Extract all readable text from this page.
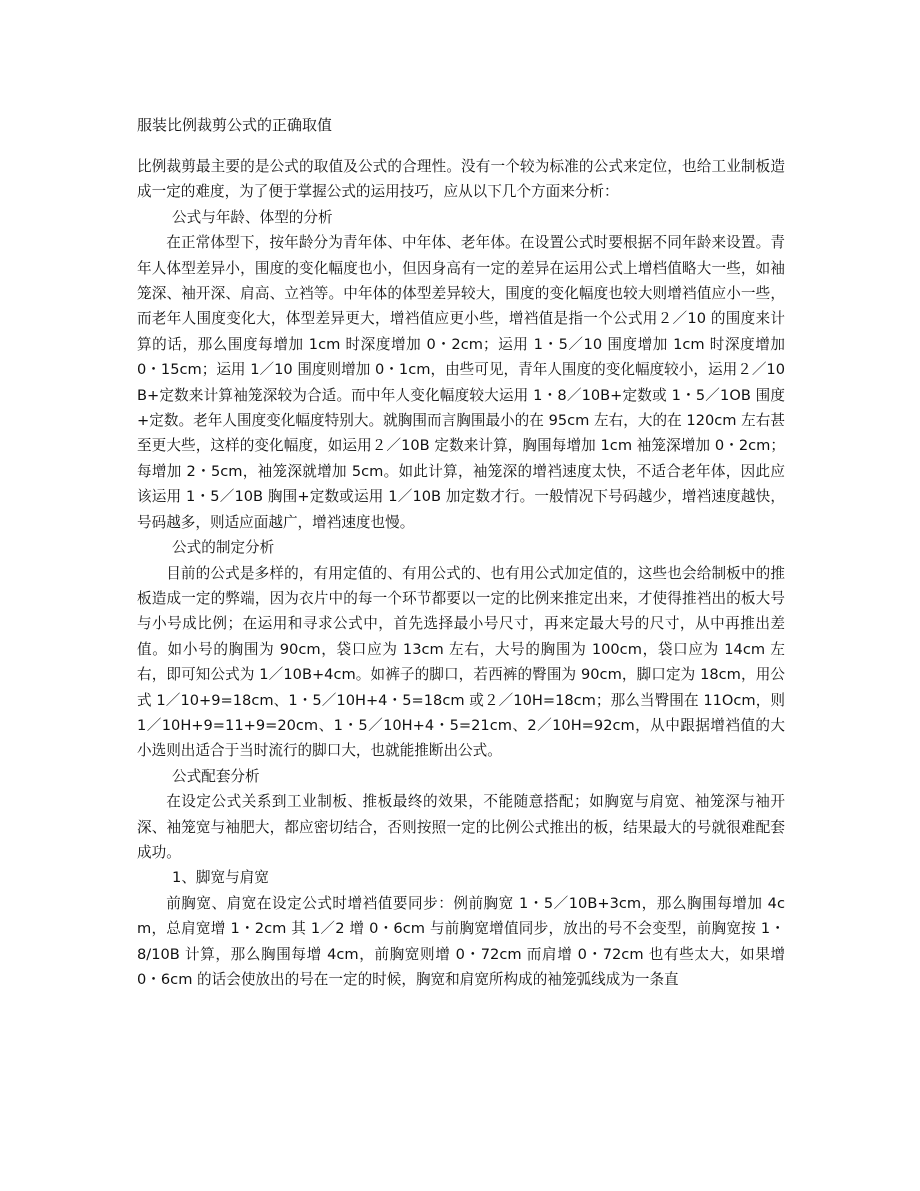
服装比例裁剪公式的正确取值

比例裁剪最主要的是公式的取值及公式的合理性。没有一个较为标准的公式来定位，也给工业制板造成一定的难度，为了便于掌握公式的运用技巧，应从以下几个方面来分析：

公式与年龄、体型的分析

在正常体型下，按年龄分为青年体、中年体、老年体。在设置公式时要根据不同年龄来设置。青年人体型差异小，围度的变化幅度也小，但因身高有一定的差异在运用公式上增档值略大一些，如袖笼深、袖开深、肩高、立裆等。中年体的体型差异较大，围度的变化幅度也较大则增裆值应小一些，而老年人围度变化大，体型差异更大，增裆值应更小些，增裆值是指一个公式用２／10 的围度来计算的话，那么围度每增加 1cm 时深度增加 0・2cm；运用 1・5／10 围度增加 1cm 时深度增加 0・15cm；运用 1／10 围度则增加 0・1cm，由些可见，青年人围度的变化幅度较小，运用２／10B+定数来计算袖笼深较为合适。而中年人变化幅度较大运用 1・8／10B+定数或 1・5／1OB 围度+定数。老年人围度变化幅度特别大。就胸围而言胸围最小的在 95cm 左右，大的在 120cm 左右甚至更大些，这样的变化幅度，如运用２／10B 定数来计算，胸围每增加 1cm 袖笼深增加 0・2cm；每增加 2・5cm，袖笼深就增加 5cm。如此计算，袖笼深的增裆速度太快，不适合老年体，因此应该运用 1・5／10B 胸围+定数或运用 1／10B 加定数才行。一般情况下号码越少，增裆速度越快，号码越多，则适应面越广，增裆速度也慢。

公式的制定分析

目前的公式是多样的，有用定值的、有用公式的、也有用公式加定值的，这些也会给制板中的推板造成一定的弊端，因为衣片中的每一个环节都要以一定的比例来推定出来，才使得推裆出的板大号与小号成比例；在运用和寻求公式中，首先选择最小号尺寸，再来定最大号的尺寸，从中再推出差值。如小号的胸围为 90cm，袋口应为 13cm 左右，大号的胸围为 100cm，袋口应为 14cm 左右，即可知公式为 1／10B+4cm。如裤子的脚口，若西裤的臀围为 90cm，脚口定为 18cm，用公式 1／10+9=18cm、1・5／10H+4・5=18cm 或２／10H=18cm；那么当臀围在 11Ocm，则 1／10H+9=11+9=20cm、1・5／10H+4・5=21cm、2／10H=92cm，从中跟据增裆值的大小选则出适合于当时流行的脚口大，也就能推断出公式。

公式配套分析

在设定公式关系到工业制板、推板最终的效果，不能随意搭配；如胸宽与肩宽、袖笼深与袖开深、袖笼宽与袖肥大，都应密切结合，否则按照一定的比例公式推出的板，结果最大的号就很难配套成功。

1、脚宽与肩宽

前胸宽、肩宽在设定公式时增裆值要同步：例前胸宽 1・5／10B+3cm，那么胸围每增加 4cm，总肩宽增 1・2cm 其 1／2 增 0・6cm 与前胸宽增值同步，放出的号不会变型，前胸宽按 1・8/10B 计算，那么胸围每增 4cm，前胸宽则增 0・72cm 而肩增 0・72cm 也有些太大，如果增 0・6cm 的话会使放出的号在一定的时候，胸宽和肩宽所构成的袖笼弧线成为一条直
